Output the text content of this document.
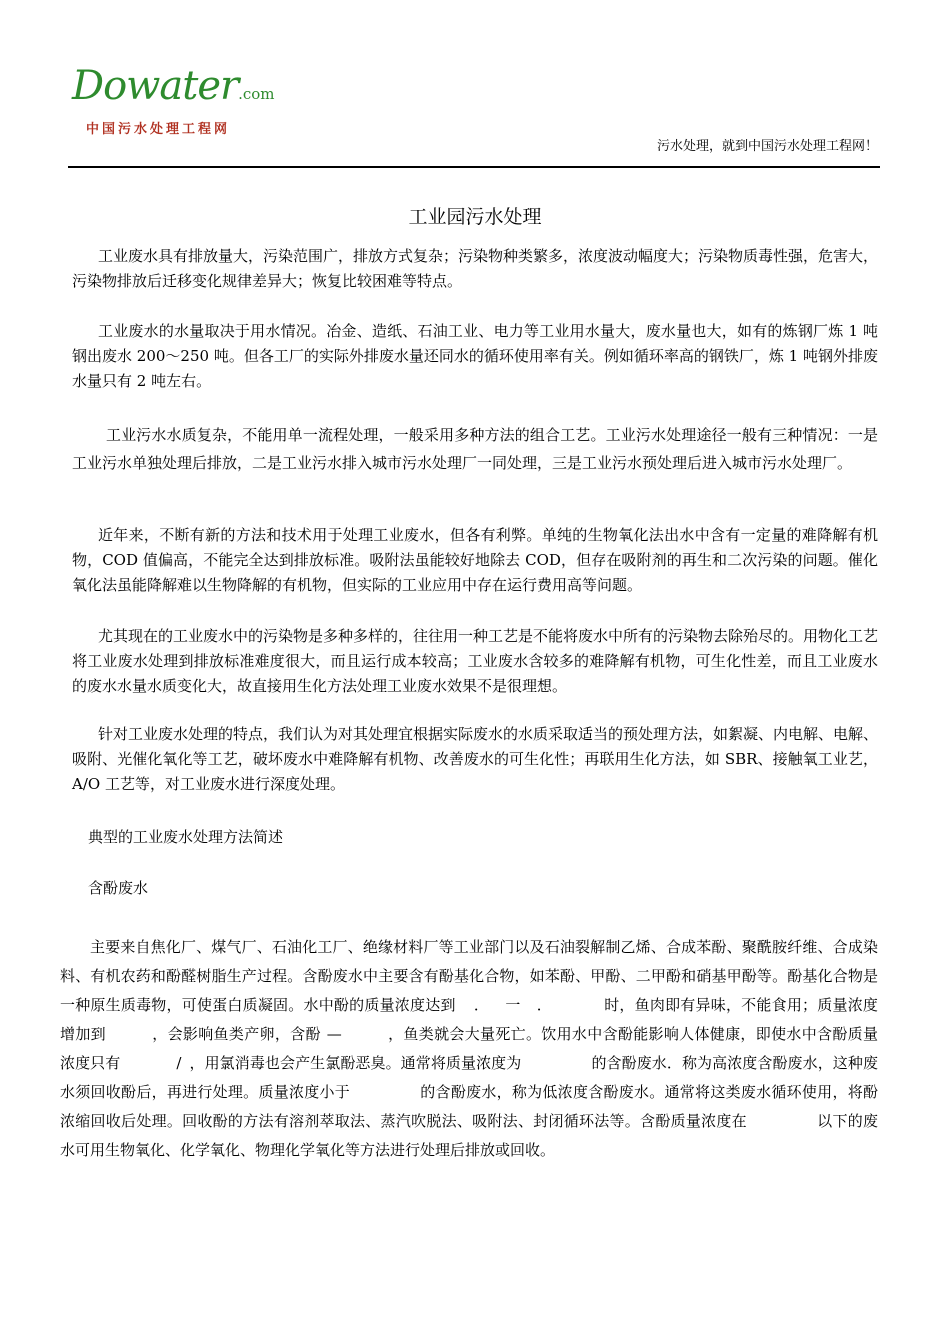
Dowater.com
中国污水处理工程网
污水处理，就到中国污水处理工程网！
工业园污水处理
工业废水具有排放量大，污染范围广，排放方式复杂；污染物种类繁多，浓度波动幅度大；污染物质毒性强，危害大，污染物排放后迁移变化规律差异大；恢复比较困难等特点。
工业废水的水量取决于用水情况。冶金、造纸、石油工业、电力等工业用水量大，废水量也大，如有的炼钢厂炼 1 吨钢出废水 200～250 吨。但各工厂的实际外排废水量还同水的循环使用率有关。例如循环率高的钢铁厂，炼 1 吨钢外排废水量只有 2 吨左右。
工业污水水质复杂，不能用单一流程处理，一般采用多种方法的组合工艺。工业污水处理途径一般有三种情况：一是工业污水单独处理后排放，二是工业污水排入城市污水处理厂一同处理，三是工业污水预处理后进入城市污水处理厂。
近年来，不断有新的方法和技术用于处理工业废水，但各有利弊。单纯的生物氧化法出水中含有一定量的难降解有机物，COD 值偏高，不能完全达到排放标准。吸附法虽能较好地除去 COD，但存在吸附剂的再生和二次污染的问题。催化氧化法虽能降解难以生物降解的有机物，但实际的工业应用中存在运行费用高等问题。
尤其现在的工业废水中的污染物是多种多样的，往往用一种工艺是不能将废水中所有的污染物去除殆尽的。用物化工艺将工业废水处理到排放标准难度很大，而且运行成本较高；工业废水含较多的难降解有机物，可生化性差，而且工业废水的废水水量水质变化大，故直接用生化方法处理工业废水效果不是很理想。
针对工业废水处理的特点，我们认为对其处理宜根据实际废水的水质采取适当的预处理方法，如絮凝、内电解、电解、吸附、光催化氧化等工艺，破坏废水中难降解有机物、改善废水的可生化性；再联用生化方法，如 SBR、接触氧工业艺，A/O 工艺等，对工业废水进行深度处理。
典型的工业废水处理方法简述
含酚废水
主要来自焦化厂、煤气厂、石油化工厂、绝缘材料厂等工业部门以及石油裂解制乙烯、合成苯酚、聚酰胺纤维、合成染料、有机农药和酚醛树脂生产过程。含酚废水中主要含有酚基化合物，如苯酚、甲酚、二甲酚和硝基甲酚等。酚基化合物是一种原生质毒物，可使蛋白质凝固。水中酚的质量浓度达到 ． 一 ．	时，鱼肉即有异味，不能食用；质量浓度增加到	，会影响鱼类产卵，含酚 —	，鱼类就会大量死亡。饮用水中含酚能影响人体健康，即使水中含酚质量浓度只有	/ ，用氯消毒也会产生氯酚恶臭。通常将质量浓度为	的含酚废水．称为高浓度含酚废水，这种废水须回收酚后，再进行处理。质量浓度小于	的含酚废水，称为低浓度含酚废水。通常将这类废水循环使用，将酚浓缩回收后处理。回收酚的方法有溶剂萃取法、蒸汽吹脱法、吸附法、封闭循环法等。含酚质量浓度在	以下的废水可用生物氧化、化学氧化、物理化学氧化等方法进行处理后排放或回收。
